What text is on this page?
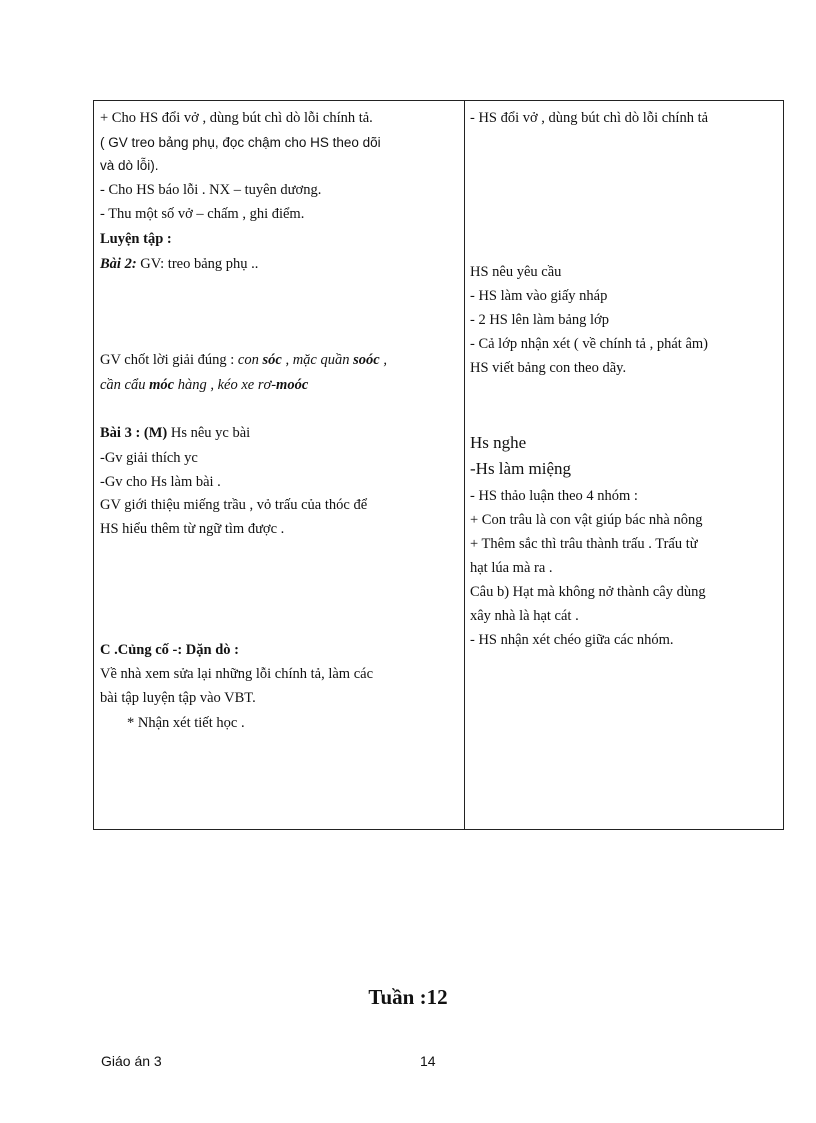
+ Cho HS đổi vở , dùng bút chì dò lỗi chính tả.
( GV treo bảng phụ, đọc chậm cho HS theo dõi
và dò lỗi).
- Cho HS báo lỗi . NX – tuyên dương.
- Thu một số vở – chấm , ghi điểm.
Luyện tập :
Bài 2: GV: treo bảng phụ ..
GV chốt lời giải đúng : con sóc , mặc quần soóc ,
cần cẩu móc hàng , kéo xe rơ-moóc
Bài 3 : (M) Hs nêu yc bài
-Gv giải thích yc
-Gv cho Hs làm bài .
GV giới thiệu miếng trầu , vỏ trấu của thóc để
HS hiểu thêm từ ngữ tìm được .
C .Củng cố -: Dặn dò :
Về nhà xem sửa lại những lỗi chính tả, làm các
bài tập luyện tập vào VBT.
* Nhận xét tiết học .
- HS đổi vở , dùng bút chì dò lỗi chính tả
HS nêu yêu cầu
- HS làm vào giấy nháp
- 2 HS lên làm bảng lớp
- Cả lớp nhận xét ( về chính tả , phát âm)
HS viết bảng con theo dãy.
Hs nghe
-Hs làm miệng
- HS thảo luận theo 4 nhóm :
+ Con trâu là con vật giúp bác nhà nông
+ Thêm sắc thì trâu thành trấu . Trấu từ
hạt lúa mà ra .
Câu b) Hạt mà không nở thành cây dùng
xây nhà là hạt cát .
- HS nhận xét chéo giữa các nhóm.
Tuần :12
Giáo án 3	14
